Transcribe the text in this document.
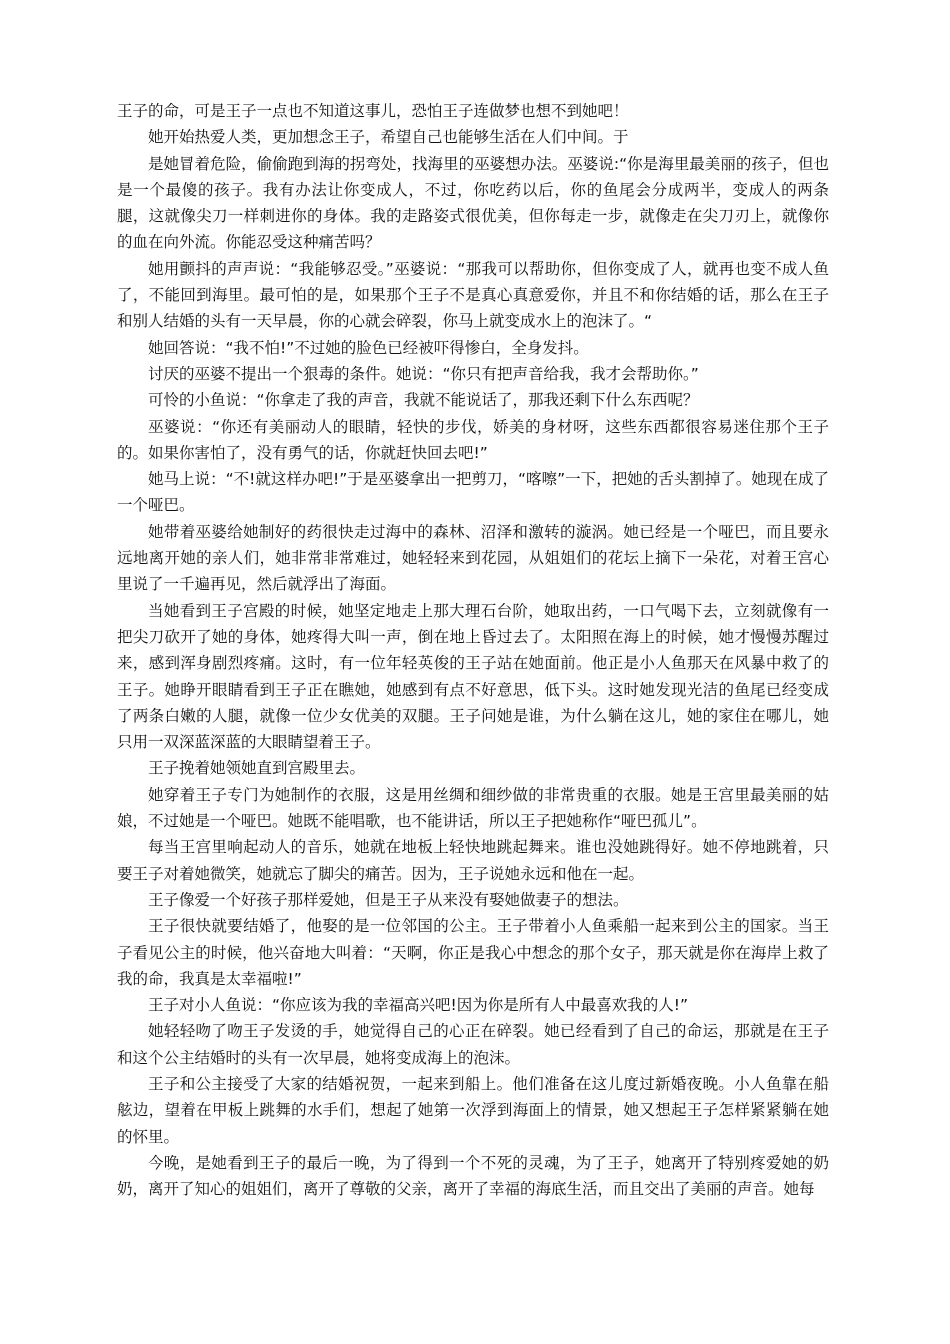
王子的命，可是王子一点也不知道这事儿，恐怕王子连做梦也想不到她吧！

她开始热爱人类，更加想念王子，希望自己也能够生活在人们中间。于

是她冒着危险，偷偷跑到海的拐弯处，找海里的巫婆想办法。巫婆说:“你是海里最美丽的孩子，但也是一个最傻的孩子。我有办法让你变成人，不过，你吃药以后，你的鱼尾会分成两半，变成人的两条腿，这就像尖刀一样刺进你的身体。我的走路姿式很优美，但你每走一步，就像走在尖刀刃上，就像你的血在向外流。你能忍受这种痛苦吗？

她用颤抖的声声说：“我能够忍受。”巫婆说：“那我可以帮助你，但你变成了人，就再也变不成人鱼了，不能回到海里。最可怕的是，如果那个王子不是真心真意爱你，并且不和你结婚的话，那么在王子和别人结婚的头有一天早晨，你的心就会碎裂，你马上就变成水上的泡沫了。“

她回答说：“我不怕!”不过她的脸色已经被吓得惨白，全身发抖。

讨厌的巫婆不提出一个狠毒的条件。她说：“你只有把声音给我，我才会帮助你。”

可怜的小鱼说：“你拿走了我的声音，我就不能说话了，那我还剩下什么东西呢？

巫婆说：“你还有美丽动人的眼睛，轻快的步伐，娇美的身材呀，这些东西都很容易迷住那个王子的。如果你害怕了，没有勇气的话，你就赶快回去吧!”

她马上说：“不!就这样办吧!”于是巫婆拿出一把剪刀，“喀嚓”一下，把她的舌头割掉了。她现在成了一个哑巴。

她带着巫婆给她制好的药很快走过海中的森林、沼泽和激转的漩涡。她已经是一个哑巴，而且要永远地离开她的亲人们，她非常非常难过，她轻轻来到花园，从姐姐们的花坛上摘下一朵花，对着王宫心里说了一千遍再见，然后就浮出了海面。

当她看到王子宫殿的时候，她坚定地走上那大理石台阶，她取出药，一口气喝下去，立刻就像有一把尖刀砍开了她的身体，她疼得大叫一声，倒在地上昏过去了。太阳照在海上的时候，她才慢慢苏醒过来，感到浑身剧烈疼痛。这时，有一位年轻英俊的王子站在她面前。他正是小人鱼那天在风暴中救了的王子。她睁开眼睛看到王子正在瞧她，她感到有点不好意思，低下头。这时她发现光洁的鱼尾已经变成了两条白嫩的人腿，就像一位少女优美的双腿。王子问她是谁，为什么躺在这儿，她的家住在哪儿，她只用一双深蓝深蓝的大眼睛望着王子。

王子挽着她领她直到宫殿里去。

她穿着王子专门为她制作的衣服，这是用丝绸和细纱做的非常贵重的衣服。她是王宫里最美丽的姑娘，不过她是一个哑巴。她既不能唱歌，也不能讲话，所以王子把她称作“哑巴孤儿”。

每当王宫里响起动人的音乐，她就在地板上轻快地跳起舞来。谁也没她跳得好。她不停地跳着，只要王子对着她微笑，她就忘了脚尖的痛苦。因为，王子说她永远和他在一起。

王子像爱一个好孩子那样爱她，但是王子从来没有娶她做妻子的想法。

王子很快就要结婚了，他娶的是一位邻国的公主。王子带着小人鱼乘船一起来到公主的国家。当王子看见公主的时候，他兴奋地大叫着：“天啊，你正是我心中想念的那个女子，那天就是你在海岸上救了我的命，我真是太幸福啦!”

王子对小人鱼说：“你应该为我的幸福高兴吧!因为你是所有人中最喜欢我的人!”

她轻轻吻了吻王子发烫的手，她觉得自己的心正在碎裂。她已经看到了自己的命运，那就是在王子和这个公主结婚时的头有一次早晨，她将变成海上的泡沫。

王子和公主接受了大家的结婚祝贺，一起来到船上。他们准备在这儿度过新婚夜晚。小人鱼靠在船舷边，望着在甲板上跳舞的水手们，想起了她第一次浮到海面上的情景，她又想起王子怎样紧紧躺在她的怀里。

今晚，是她看到王子的最后一晚，为了得到一个不死的灵魂，为了王子，她离开了特别疼爱她的奶奶，离开了知心的姐姐们，离开了尊敬的父亲，离开了幸福的海底生活，而且交出了美丽的声音。她每
